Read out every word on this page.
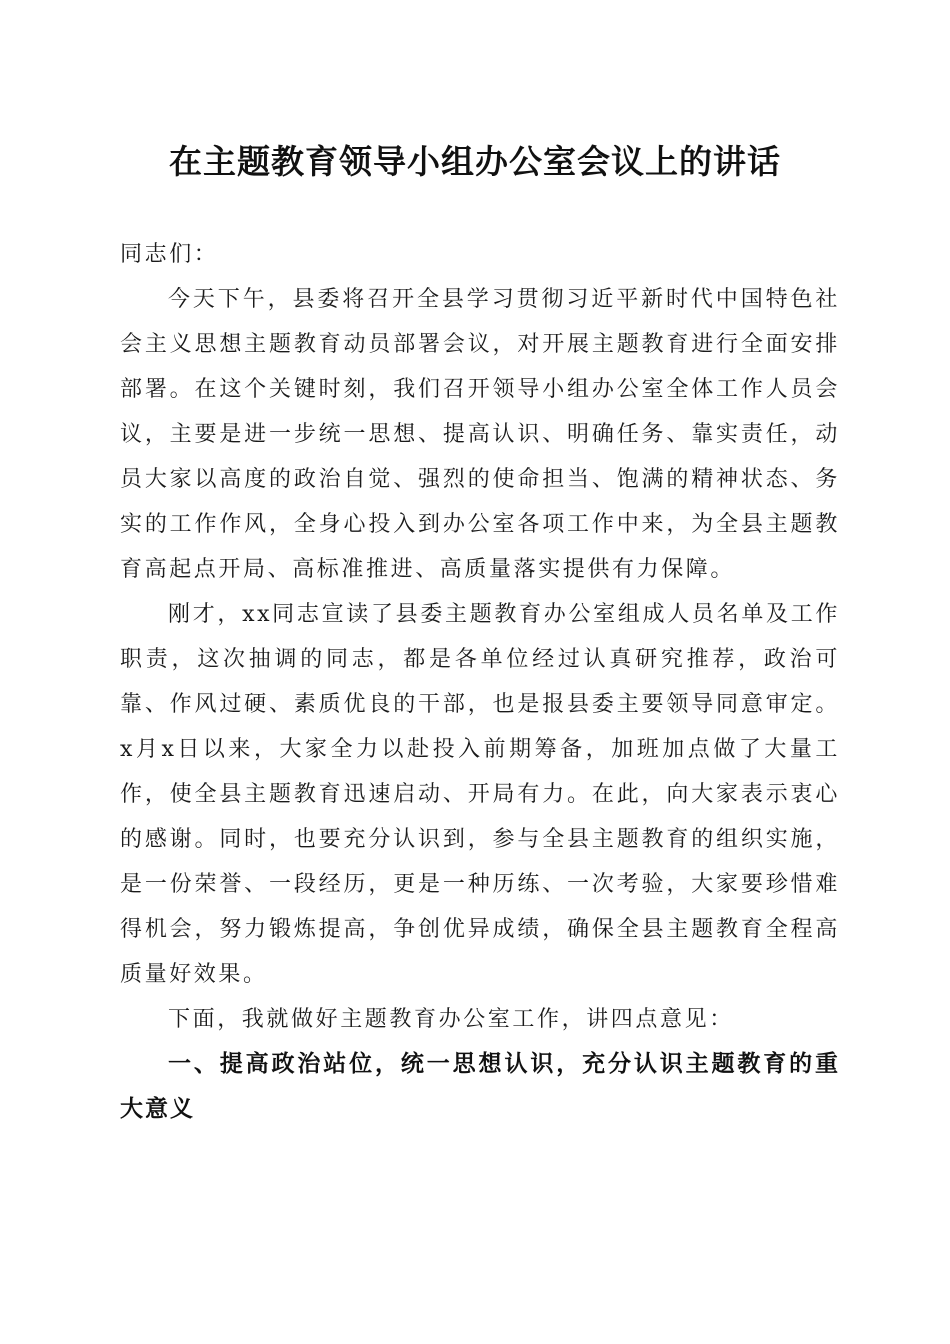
在主题教育领导小组办公室会议上的讲话

同志们：

今天下午，县委将召开全县学习贯彻习近平新时代中国特色社会主义思想主题教育动员部署会议，对开展主题教育进行全面安排部署。在这个关键时刻，我们召开领导小组办公室全体工作人员会议，主要是进一步统一思想、提高认识、明确任务、靠实责任，动员大家以高度的政治自觉、强烈的使命担当、饱满的精神状态、务实的工作作风，全身心投入到办公室各项工作中来，为全县主题教育高起点开局、高标准推进、高质量落实提供有力保障。

刚才，xx同志宣读了县委主题教育办公室组成人员名单及工作职责，这次抽调的同志，都是各单位经过认真研究推荐，政治可靠、作风过硬、素质优良的干部，也是报县委主要领导同意审定。x月x日以来，大家全力以赴投入前期筹备，加班加点做了大量工作，使全县主题教育迅速启动、开局有力。在此，向大家表示衷心的感谢。同时，也要充分认识到，参与全县主题教育的组织实施，是一份荣誉、一段经历，更是一种历练、一次考验，大家要珍惜难得机会，努力锻炼提高，争创优异成绩，确保全县主题教育全程高质量好效果。

下面，我就做好主题教育办公室工作，讲四点意见：

一、提高政治站位，统一思想认识，充分认识主题教育的重大意义
